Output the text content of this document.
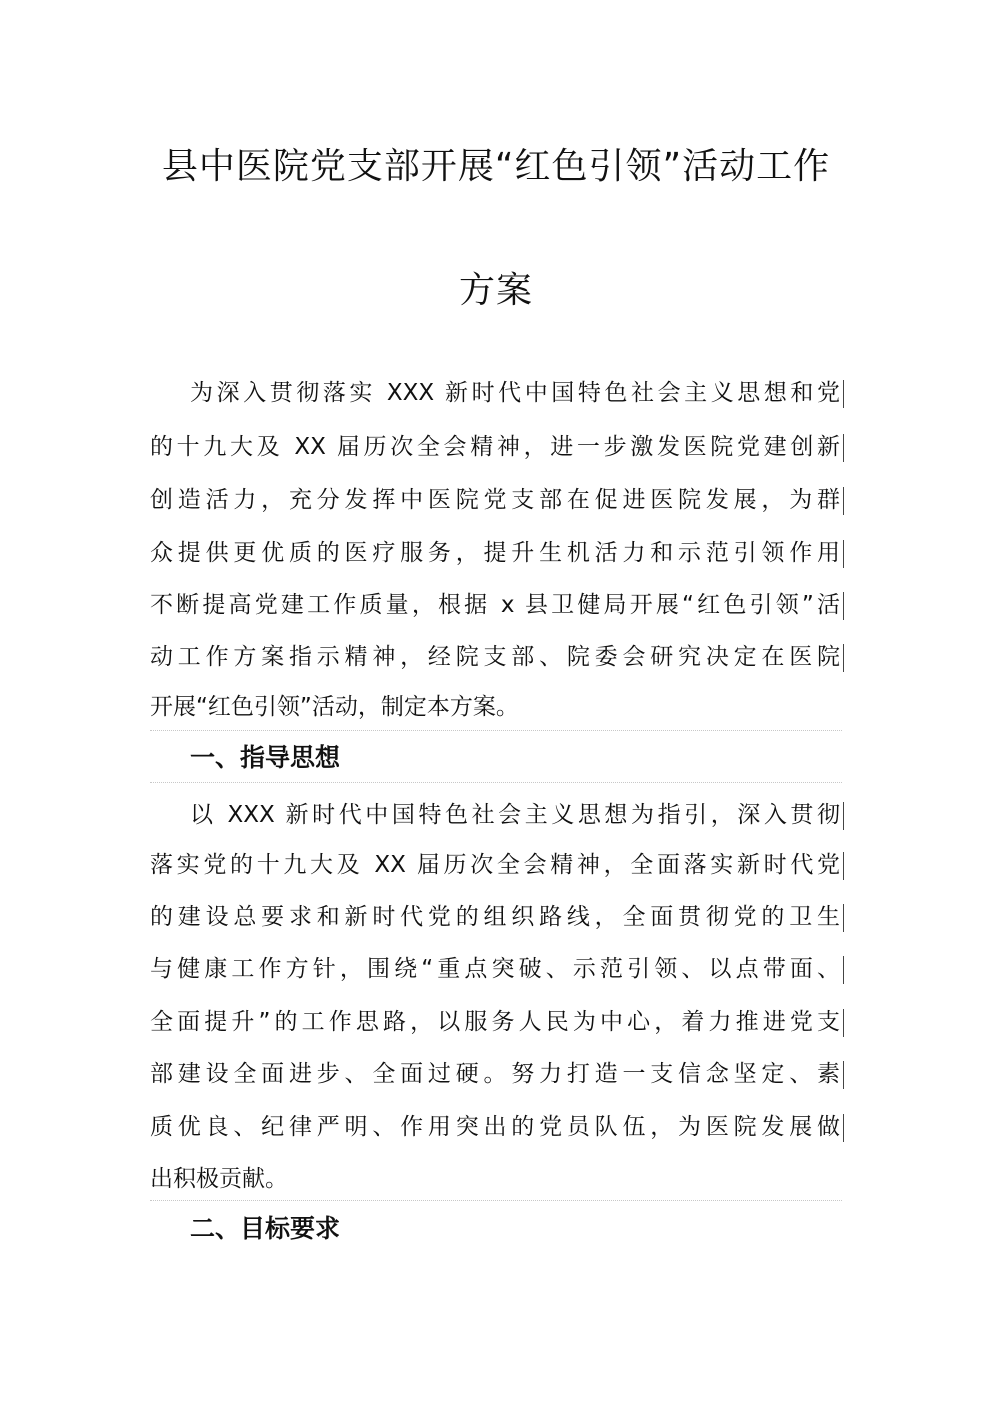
县中医院党支部开展“红色引领”活动工作
方案
为深入贯彻落实 XXX 新时代中国特色社会主义思想和党
的十九大及 XX 届历次全会精神，进一步激发医院党建创新
创造活力，充分发挥中医院党支部在促进医院发展，为群
众提供更优质的医疗服务，提升生机活力和示范引领作用
不断提高党建工作质量，根据 x 县卫健局开展“红色引领”活
动工作方案指示精神，经院支部、院委会研究决定在医院
开展“红色引领”活动，制定本方案。
一、指导思想
以 XXX 新时代中国特色社会主义思想为指引，深入贯彻
落实党的十九大及 XX 届历次全会精神，全面落实新时代党
的建设总要求和新时代党的组织路线，全面贯彻党的卫生
与健康工作方针，围绕“重点突破、示范引领、以点带面、
全面提升”的工作思路，以服务人民为中心，着力推进党支
部建设全面进步、全面过硬。努力打造一支信念坚定、素
质优良、纪律严明、作用突出的党员队伍，为医院发展做
出积极贡献。
二、目标要求
